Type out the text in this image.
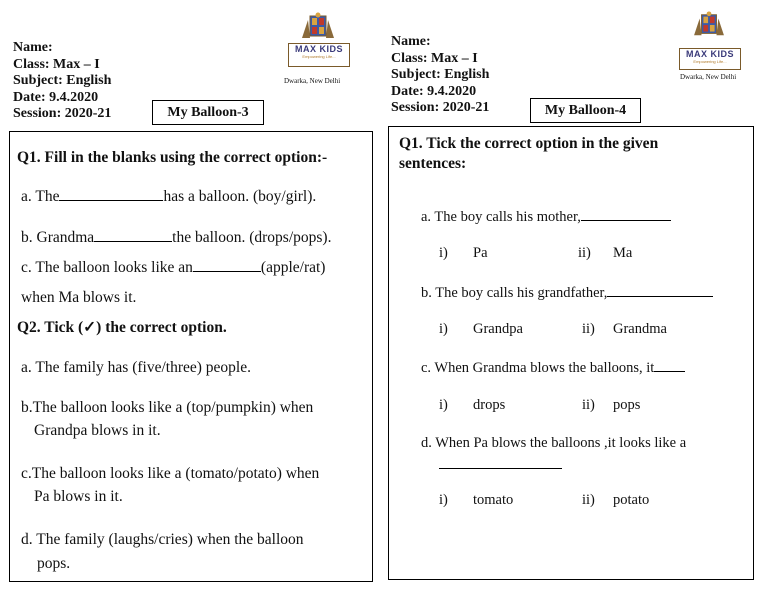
Name:
Class: Max – I
Subject: English
Date: 9.4.2020
Session: 2020-21
MAX KIDS
Empowering Life...
Dwarka, New Delhi
My Balloon-3
Q1. Fill in the blanks using the correct option:-
a. The	has a balloon. (boy/girl).
b. Grandma	the balloon. (drops/pops).
c. The balloon looks like an	(apple/rat)
when Ma blows it.
Q2. Tick (✓) the correct option.
a. The family has (five/three) people.
b.The balloon looks like a (top/pumpkin) when
Grandpa blows in it.
c.The balloon looks like a (tomato/potato) when
Pa blows in it.
d. The family (laughs/cries) when the balloon
pops.
Name:
Class: Max – I
Subject: English
Date: 9.4.2020
Session: 2020-21
MAX KIDS
Empowering Life...
Dwarka, New Delhi
My Balloon-4
Q1. Tick the correct option in the given
sentences:
a. The boy calls his mother,
i) Pa	ii) Ma
b. The boy calls his grandfather,
i) Grandpa	ii) Grandma
c. When Grandma blows the balloons, it
i) drops	ii) pops
d. When Pa blows the balloons ,it looks like a
i) tomato	ii) potato
